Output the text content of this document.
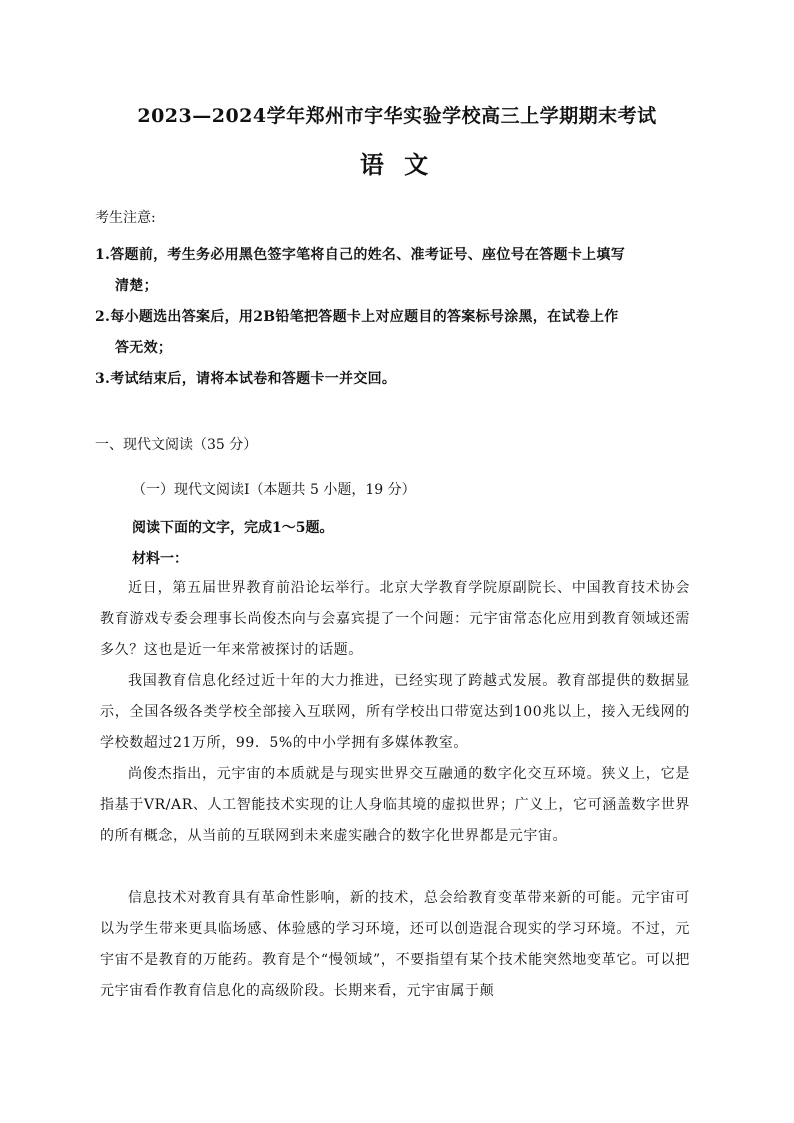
2023—2024学年郑州市宇华实验学校高三上学期期末考试
语 文
考生注意:
1.答题前，考生务必用黑色签字笔将自己的姓名、准考证号、座位号在答题卡上填写
清楚；
2.每小题选出答案后，用2B铅笔把答题卡上对应题目的答案标号涂黑，在试卷上作
答无效；
3.考试结束后，请将本试卷和答题卡一并交回。
一、现代文阅读（35 分）
（一）现代文阅读Ⅰ（本题共 5 小题，19 分）
阅读下面的文字，完成1～5题。
材料一：

近日，第五届世界教育前沿论坛举行。北京大学教育学院原副院长、中国教育技术协会教育游戏专委会理事长尚俊杰向与会嘉宾提了一个问题：元宇宙常态化应用到教育领域还需多久？这也是近一年来常被探讨的话题。

我国教育信息化经过近十年的大力推进，已经实现了跨越式发展。教育部提供的数据显示，全国各级各类学校全部接入互联网，所有学校出口带宽达到100兆以上，接入无线网的学校数超过21万所，99．5%的中小学拥有多媒体教室。

尚俊杰指出，元宇宙的本质就是与现实世界交互融通的数字化交互环境。狭义上，它是指基于VR/AR、人工智能技术实现的让人身临其境的虚拟世界；广义上，它可涵盖数字世界的所有概念，从当前的互联网到未来虚实融合的数字化世界都是元宇宙。

信息技术对教育具有革命性影响，新的技术，总会给教育变革带来新的可能。元宇宙可以为学生带来更具临场感、体验感的学习环境，还可以创造混合现实的学习环境。不过，元宇宙不是教育的万能药。教育是个“慢领域”，不要指望有某个技术能突然地变革它。可以把元宇宙看作教育信息化的高级阶段。长期来看，元宇宙属于颠
